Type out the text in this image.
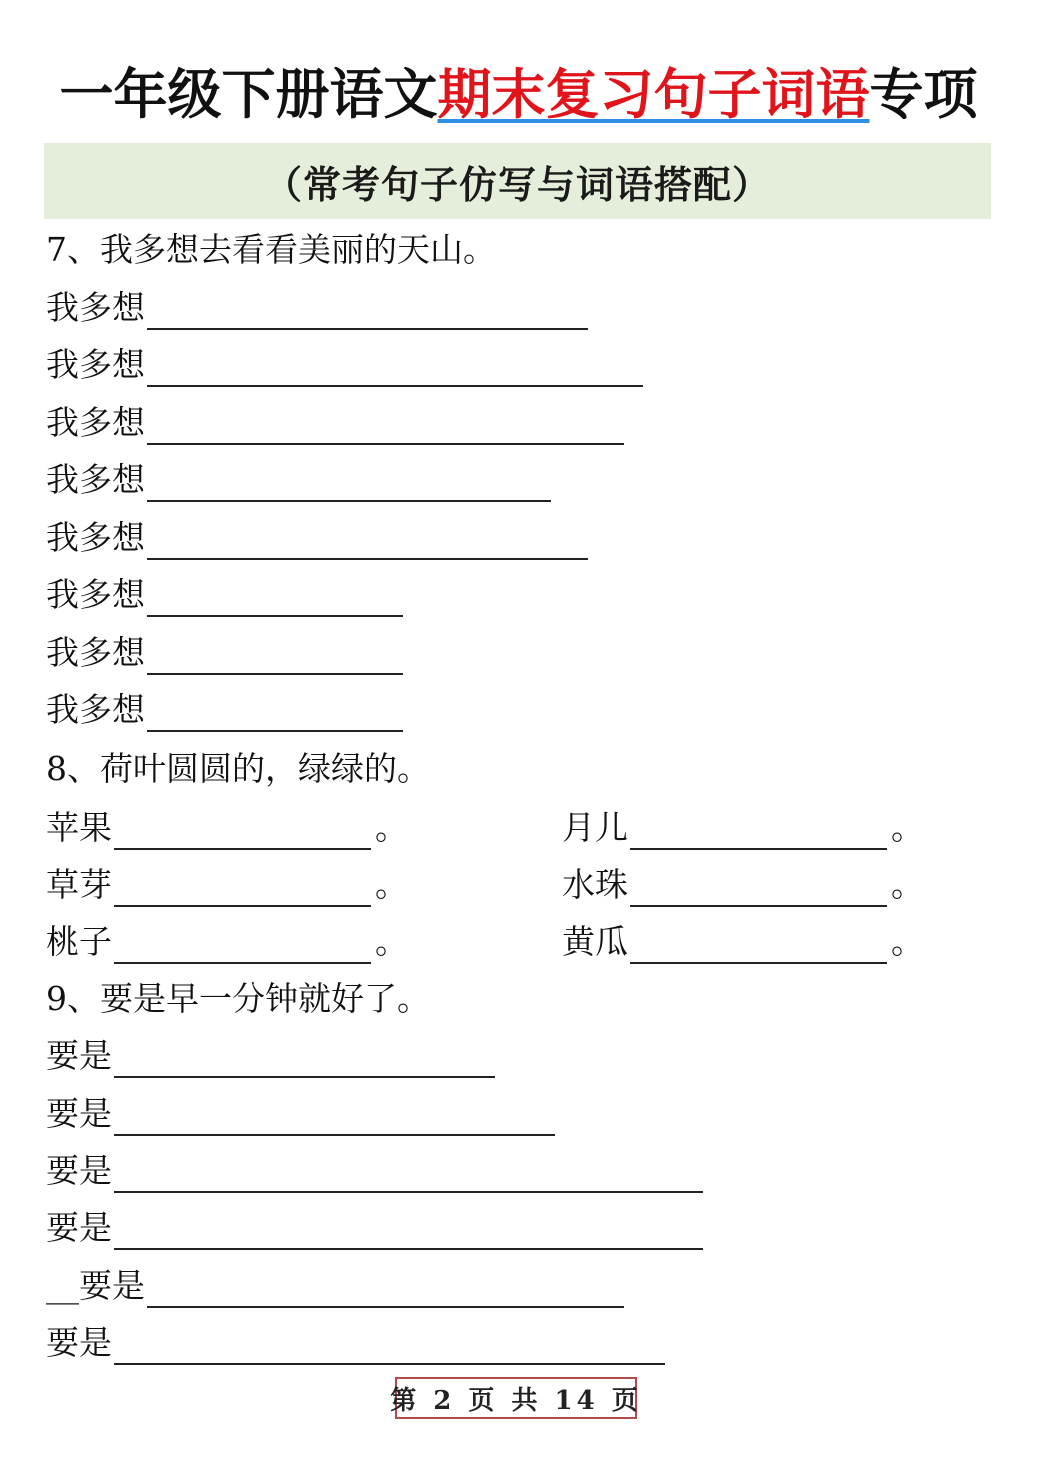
一年级下册语文期末复习句子词语专项
（常考句子仿写与词语搭配）
7、我多想去看看美丽的天山。
我多想
我多想
我多想
我多想
我多想
我多想
我多想
我多想
8、荷叶圆圆的，绿绿的。
苹果	。	月儿	。
草芽	。	水珠	。
桃子	。	黄瓜	。
9、要是早一分钟就好了。
要是
要是
要是
要是
__ 要是
要是
第 2 页 共 14 页
